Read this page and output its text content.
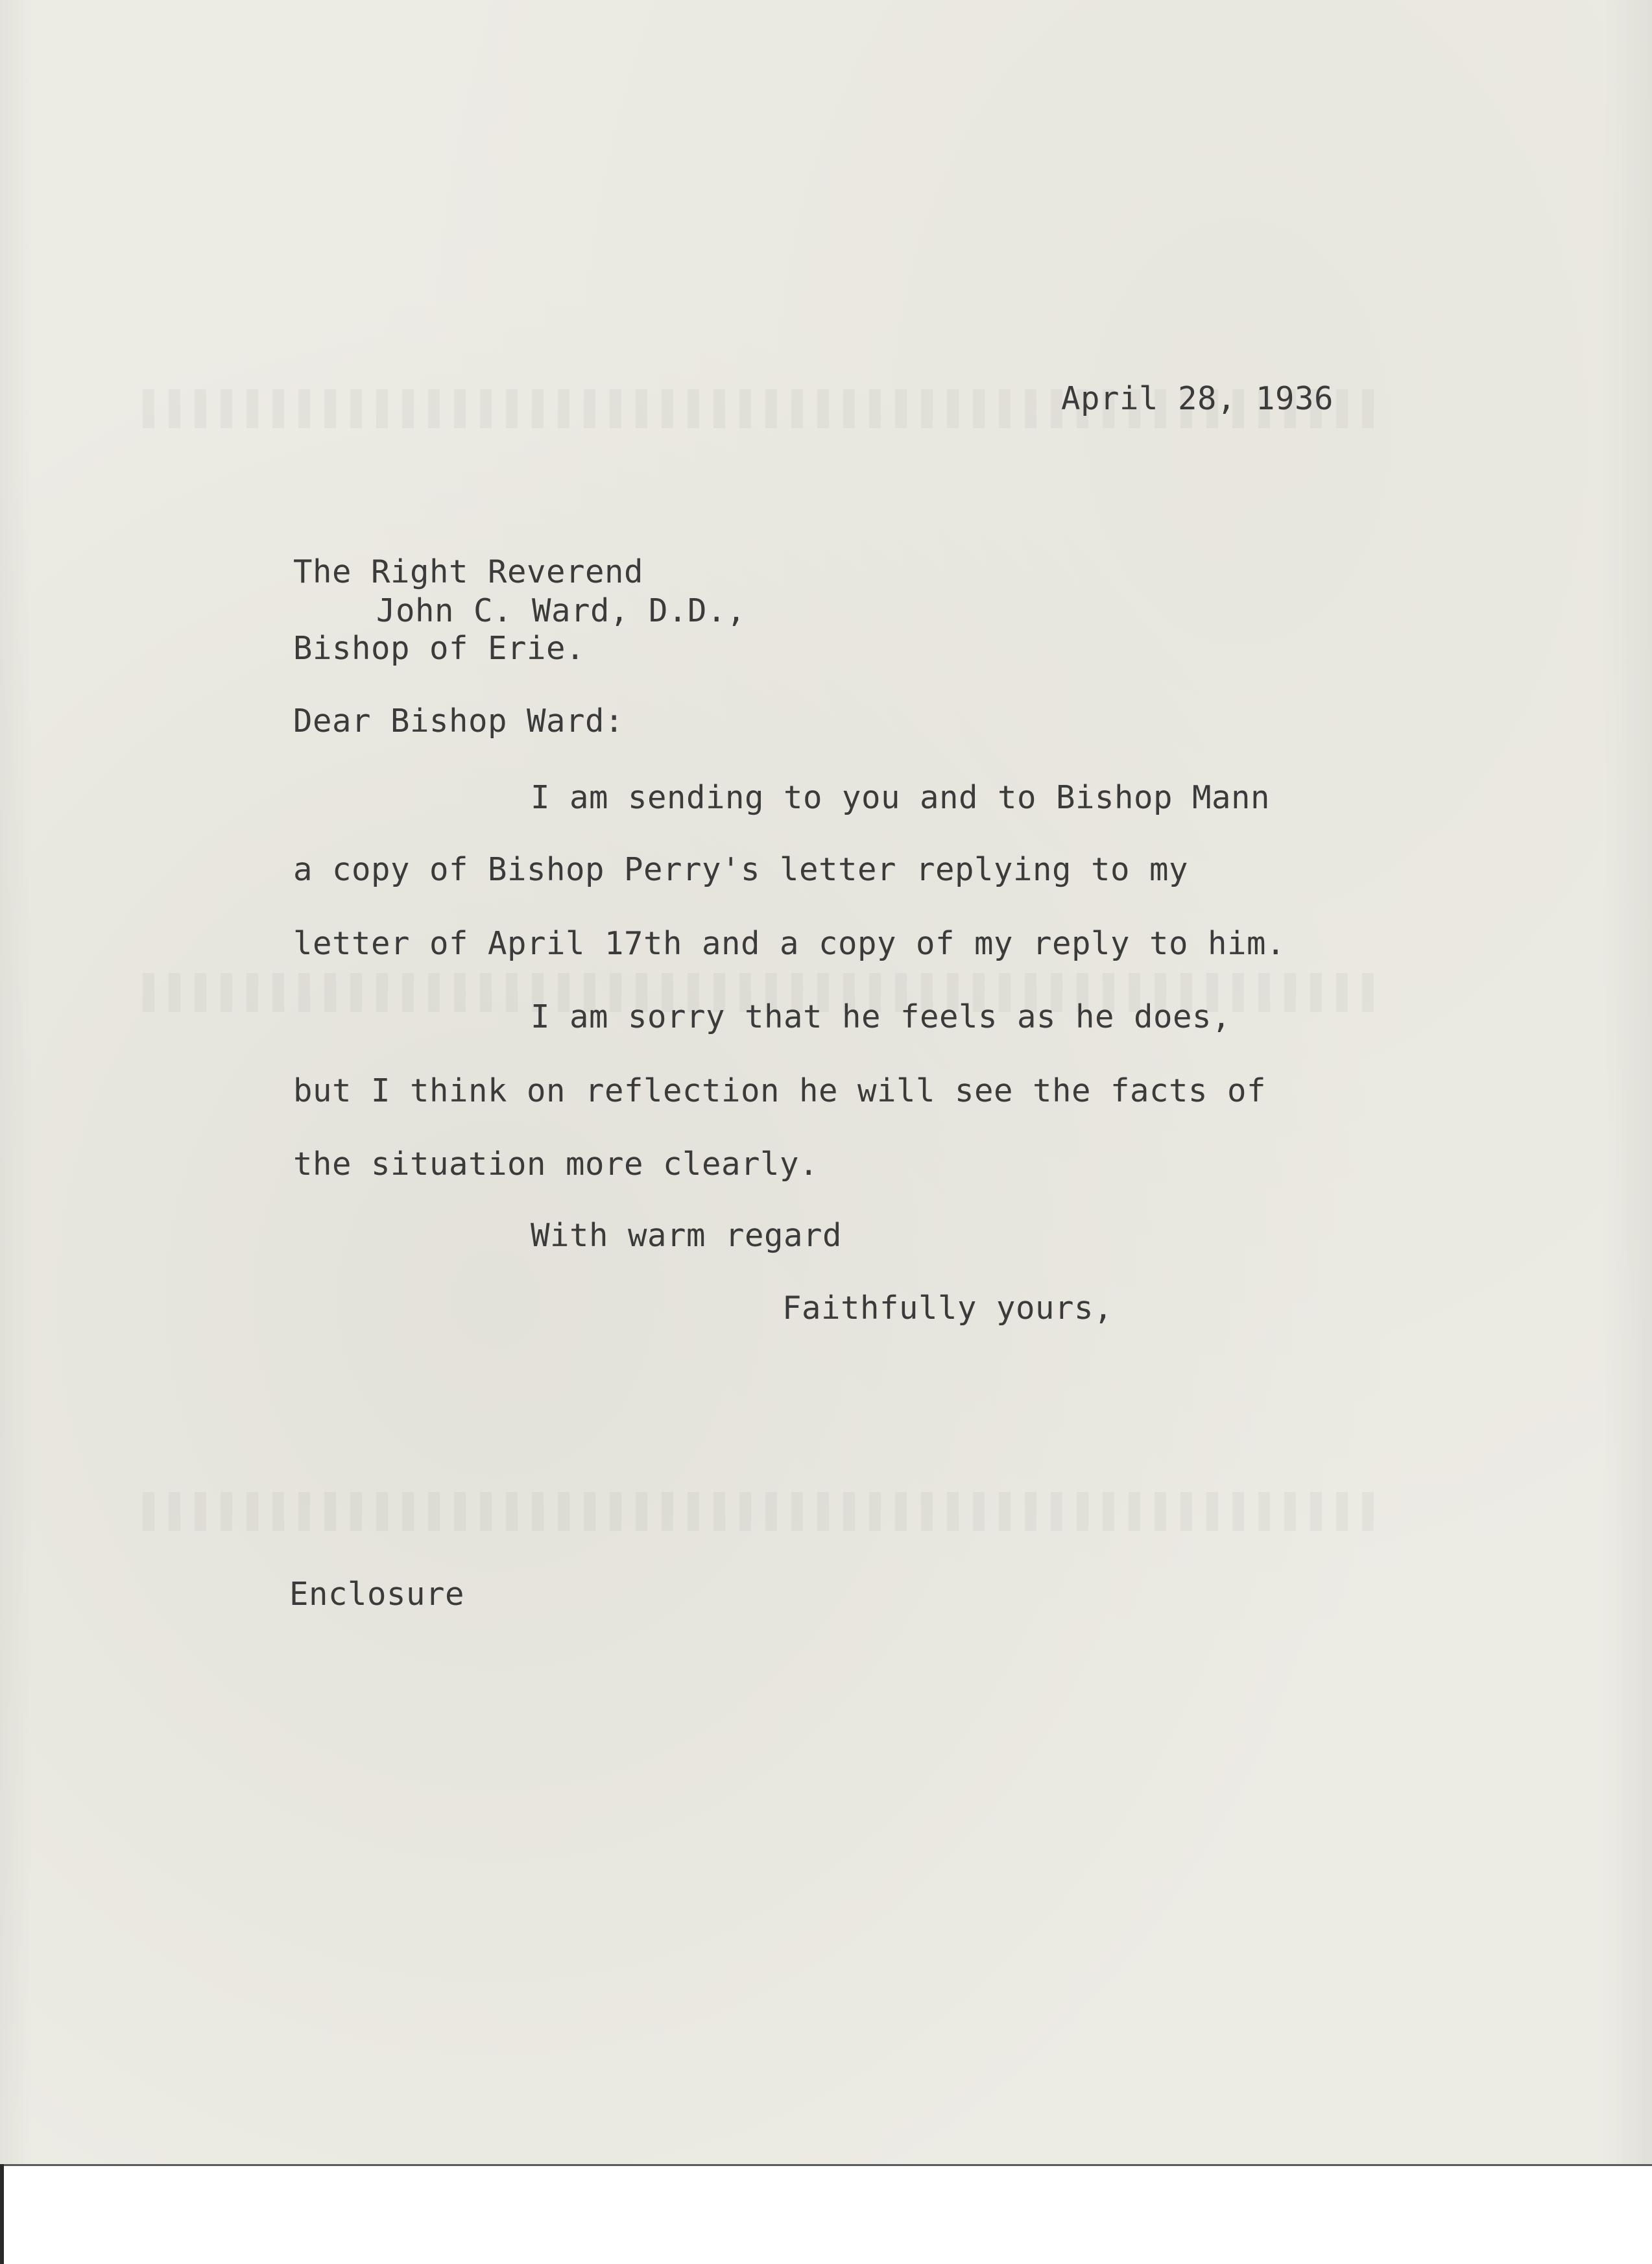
April 28, 1936

The Right Reverend

John C. Ward, D.D.,

Bishop of Erie.

Dear Bishop Ward:

I am sending to you and to Bishop Mann

a copy of Bishop Perry's letter replying to my

letter of April 17th and a copy of my reply to him.

I am sorry that he feels as he does,

but I think on reflection he will see the facts of

the situation more clearly.

With warm regard

Faithfully yours,

Enclosure
